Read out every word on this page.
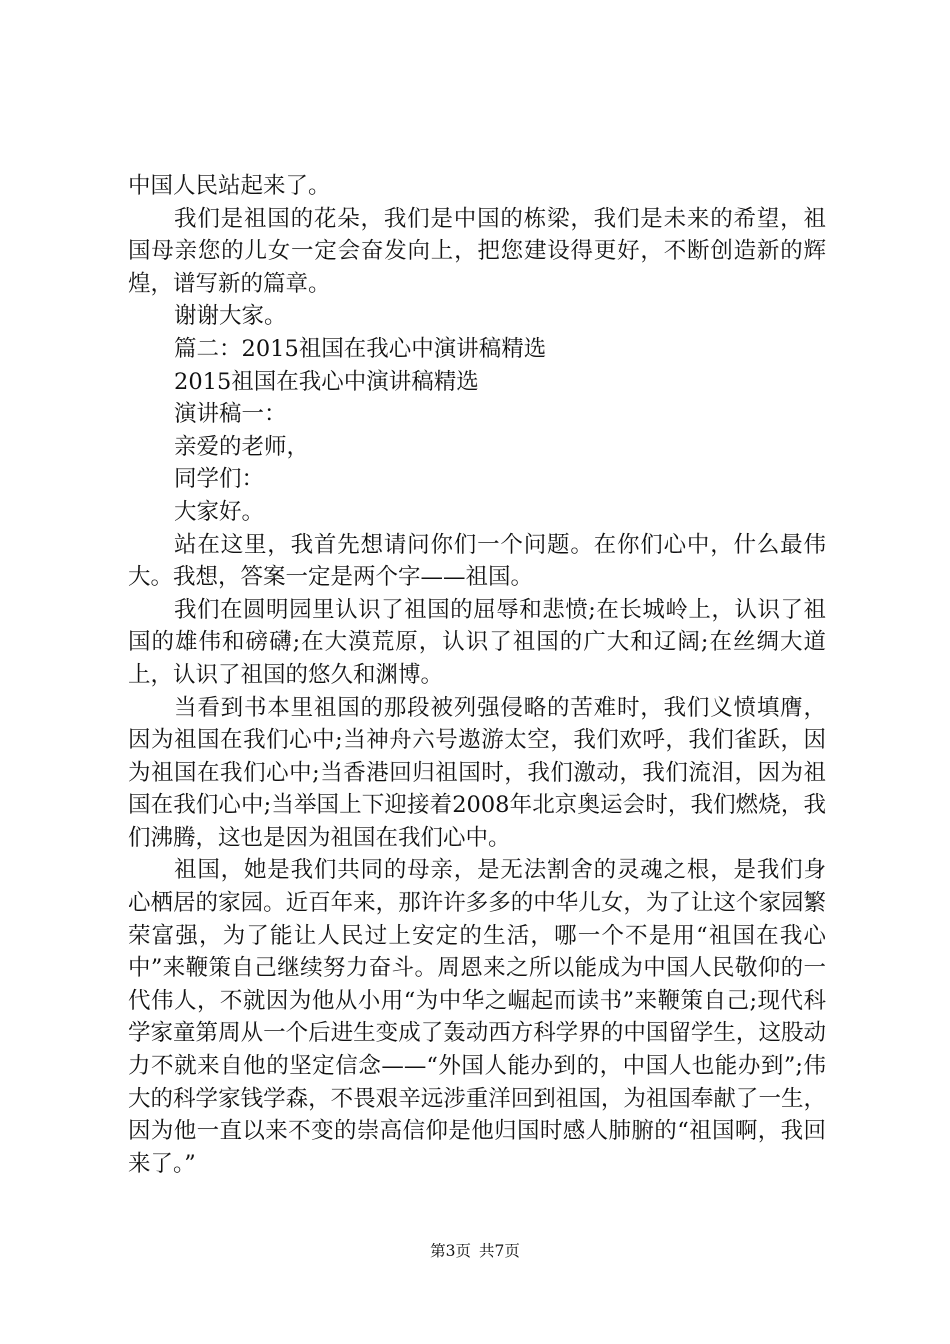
中国人民站起来了。

我们是祖国的花朵，我们是中国的栋梁，我们是未来的希望，祖国母亲您的儿女一定会奋发向上，把您建设得更好，不断创造新的辉煌，谱写新的篇章。

谢谢大家。

篇二：2015祖国在我心中演讲稿精选

2015祖国在我心中演讲稿精选

演讲稿一：

亲爱的老师，

同学们：

大家好。

站在这里，我首先想请问你们一个问题。在你们心中，什么最伟大。我想，答案一定是两个字——祖国。

我们在圆明园里认识了祖国的屈辱和悲愤;在长城岭上，认识了祖国的雄伟和磅礴;在大漠荒原，认识了祖国的广大和辽阔;在丝绸大道上，认识了祖国的悠久和渊博。

当看到书本里祖国的那段被列强侵略的苦难时，我们义愤填膺，因为祖国在我们心中;当神舟六号遨游太空，我们欢呼，我们雀跃，因为祖国在我们心中;当香港回归祖国时，我们激动，我们流泪，因为祖国在我们心中;当举国上下迎接着2008年北京奥运会时，我们燃烧，我们沸腾，这也是因为祖国在我们心中。

祖国，她是我们共同的母亲，是无法割舍的灵魂之根，是我们身心栖居的家园。近百年来，那许许多多的中华儿女，为了让这个家园繁荣富强，为了能让人民过上安定的生活，哪一个不是用“祖国在我心中”来鞭策自己继续努力奋斗。周恩来之所以能成为中国人民敬仰的一代伟人，不就因为他从小用“为中华之崛起而读书”来鞭策自己;现代科学家童第周从一个后进生变成了轰动西方科学界的中国留学生，这股动力不就来自他的坚定信念——“外国人能办到的，中国人也能办到”;伟大的科学家钱学森，不畏艰辛远涉重洋回到祖国，为祖国奉献了一生，因为他一直以来不变的崇高信仰是他归国时感人肺腑的“祖国啊，我回来了。”

第3页 共7页
